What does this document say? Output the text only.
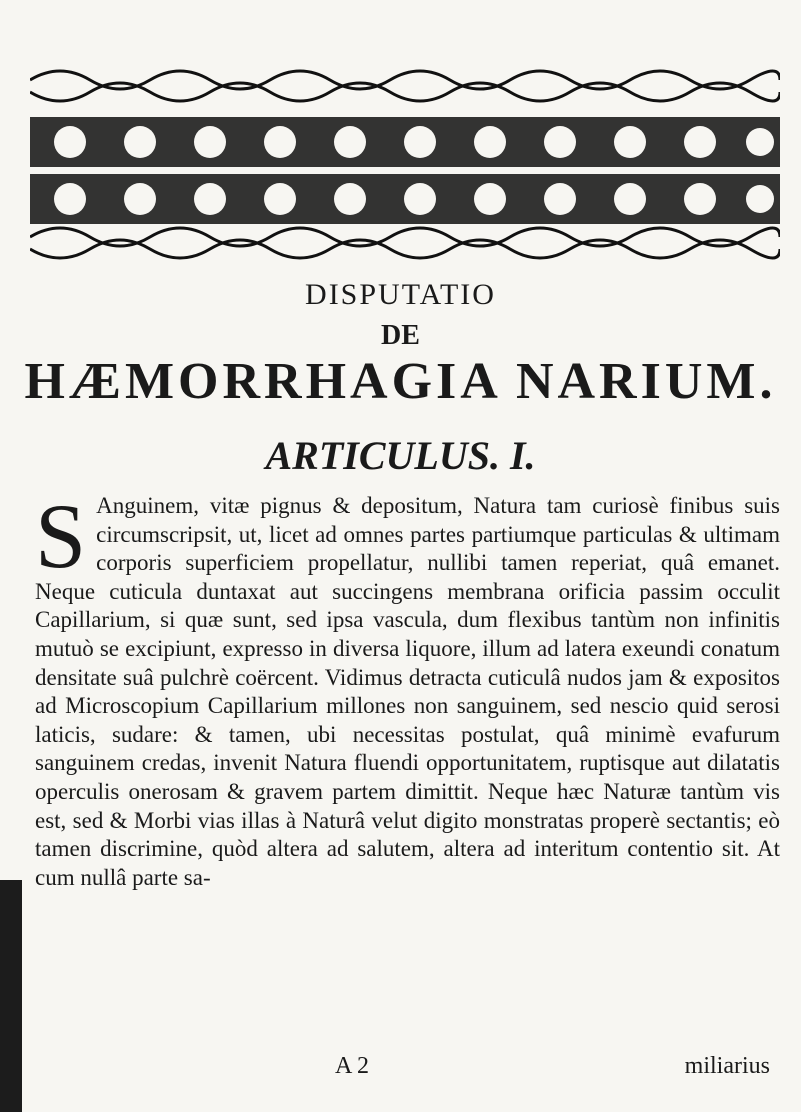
DISPUTATIO
DE
HÆMORRHAGIA NARIUM.
ARTICULUS. I.
S Anguinem, vitæ pignus & depositum, Natura tam curiosè finibus suis circumscripsit, ut, licet ad omnes partes partiumque particulas & ultimam corporis superficiem propellatur, nullibi tamen reperiat, quâ emanet. Neque cuticula duntaxat aut succingens membrana orificia passim occulit Capillarium, si quæ sunt, sed ipsa vascula, dum flexibus tantùm non infinitis mutuò se excipiunt, expresso in diversa liquore, illum ad latera exeundi conatum densitate suâ pulchrè coërcent. Vidimus detracta cuticulâ nudos jam & expositos ad Microscopium Capillarium millones non sanguinem, sed nescio quid serosi laticis, sudare: & tamen, ubi necessitas postulat, quâ minimè evafurum sanguinem credas, invenit Natura fluendi opportunitatem, ruptisque aut dilatatis operculis onerosam & gravem partem dimittit. Neque hæc Naturæ tantùm vis est, sed & Morbi vias illas à Naturâ velut digito monstratas properè sectantis; eò tamen discrimine, quòd altera ad salutem, altera ad interitum contentio sit. At cum nullâ parte sa-
A 2	miliarius
